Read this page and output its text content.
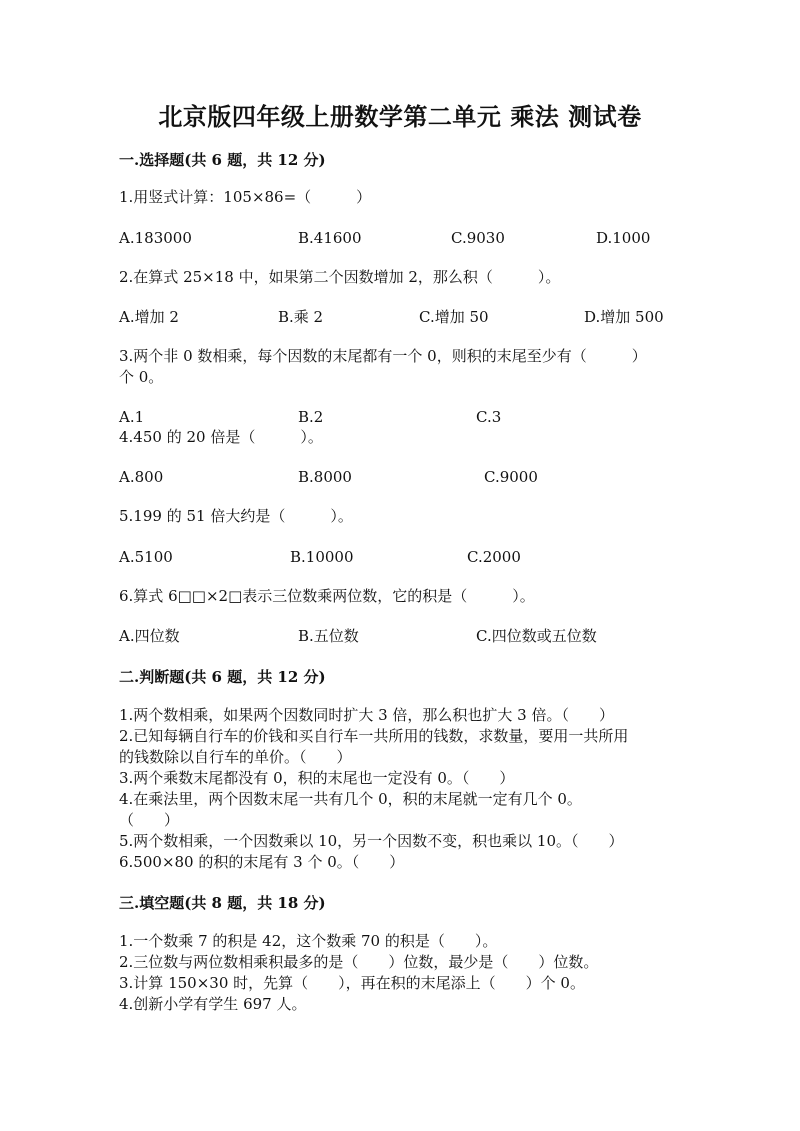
北京版四年级上册数学第二单元 乘法 测试卷
一.选择题(共 6 题，共 12 分)
1.用竖式计算：105×86=（　　　）
A.183000	B.41600	C.9030	D.1000
2.在算式 25×18 中，如果第二个因数增加 2，那么积（　　　）。
A.增加 2	B.乘 2	C.增加 50	D.增加 500
3.两个非 0 数相乘，每个因数的末尾都有一个 0，则积的末尾至少有（　　　）
个 0。
A.1	B.2	C.3
4.450 的 20 倍是（　　　）。
A.800	B.8000	C.9000
5.199 的 51 倍大约是（　　　）。
A.5100	B.10000	C.2000
6.算式 6□□×2□表示三位数乘两位数，它的积是（　　　）。
A.四位数	B.五位数	C.四位数或五位数
二.判断题(共 6 题，共 12 分)
1.两个数相乘，如果两个因数同时扩大 3 倍，那么积也扩大 3 倍。（　　）
2.已知每辆自行车的价钱和买自行车一共所用的钱数，求数量，要用一共所用
的钱数除以自行车的单价。（　　）
3.两个乘数末尾都没有 0，积的末尾也一定没有 0。（　　）
4.在乘法里，两个因数末尾一共有几个 0，积的末尾就一定有几个 0。
（　　）
5.两个数相乘，一个因数乘以 10，另一个因数不变，积也乘以 10。（　　）
6.500×80 的积的末尾有 3 个 0。（　　）
三.填空题(共 8 题，共 18 分)
1.一个数乘 7 的积是 42，这个数乘 70 的积是（　　）。
2.三位数与两位数相乘积最多的是（　　）位数，最少是（　　）位数。
3.计算 150×30 时，先算（　　），再在积的末尾添上（　　）个 0。
4.创新小学有学生 697 人。
